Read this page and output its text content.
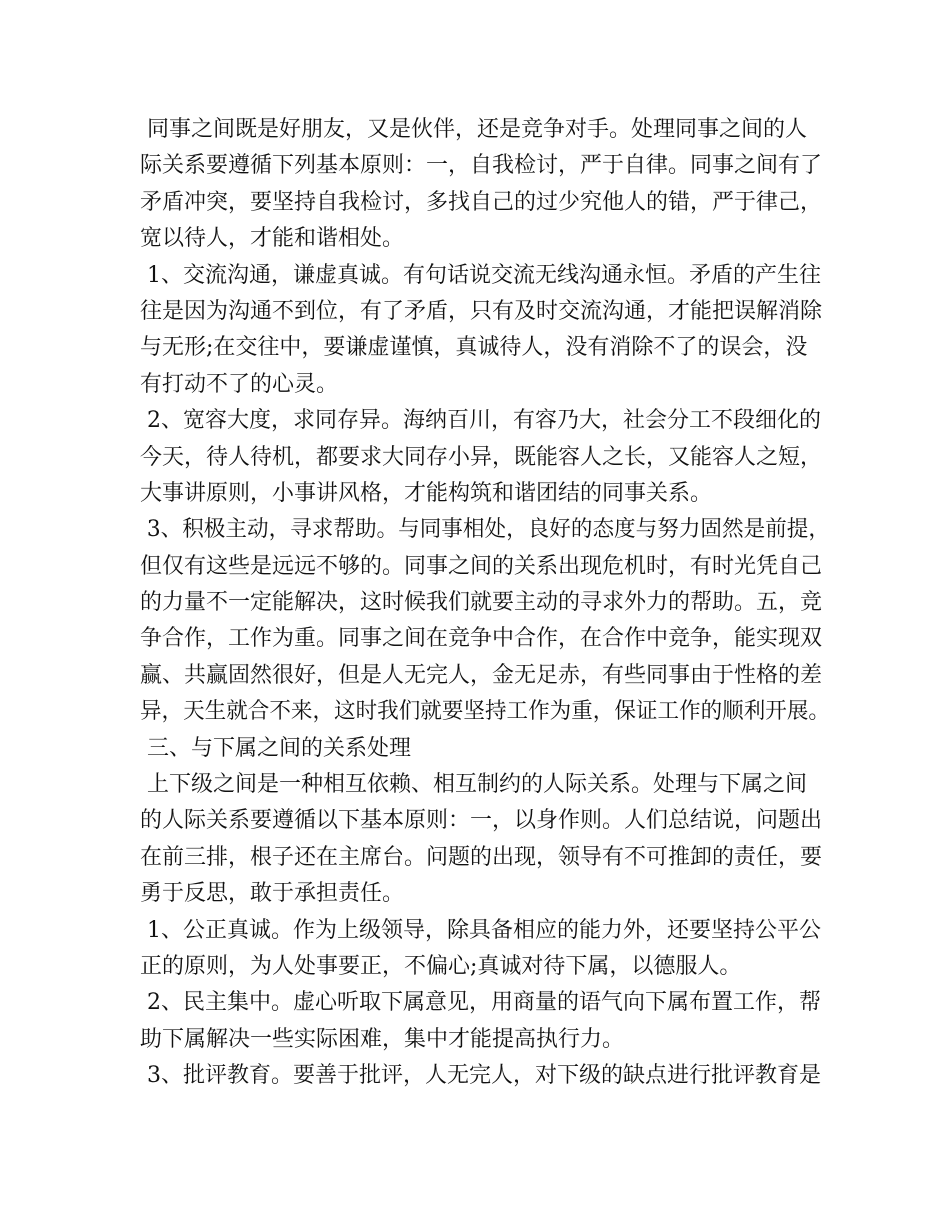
同事之间既是好朋友，又是伙伴，还是竞争对手。处理同事之间的人
际关系要遵循下列基本原则：一，自我检讨，严于自律。同事之间有了
矛盾冲突，要坚持自我检讨，多找自己的过少究他人的错，严于律己，
宽以待人，才能和谐相处。
1、交流沟通，谦虚真诚。有句话说交流无线沟通永恒。矛盾的产生往
往是因为沟通不到位，有了矛盾，只有及时交流沟通，才能把误解消除
与无形;在交往中，要谦虚谨慎，真诚待人，没有消除不了的误会，没
有打动不了的心灵。
2、宽容大度，求同存异。海纳百川，有容乃大，社会分工不段细化的
今天，待人待机，都要求大同存小异，既能容人之长，又能容人之短，
大事讲原则，小事讲风格，才能构筑和谐团结的同事关系。
3、积极主动，寻求帮助。与同事相处，良好的态度与努力固然是前提，
但仅有这些是远远不够的。同事之间的关系出现危机时，有时光凭自己
的力量不一定能解决，这时候我们就要主动的寻求外力的帮助。五，竞
争合作，工作为重。同事之间在竞争中合作，在合作中竞争，能实现双
赢、共赢固然很好，但是人无完人，金无足赤，有些同事由于性格的差
异，天生就合不来，这时我们就要坚持工作为重，保证工作的顺利开展。
三、与下属之间的关系处理
上下级之间是一种相互依赖、相互制约的人际关系。处理与下属之间
的人际关系要遵循以下基本原则：一，以身作则。人们总结说，问题出
在前三排，根子还在主席台。问题的出现，领导有不可推卸的责任，要
勇于反思，敢于承担责任。
1、公正真诚。作为上级领导，除具备相应的能力外，还要坚持公平公
正的原则，为人处事要正，不偏心;真诚对待下属，以德服人。
2、民主集中。虚心听取下属意见，用商量的语气向下属布置工作，帮
助下属解决一些实际困难，集中才能提高执行力。
3、批评教育。要善于批评，人无完人，对下级的缺点进行批评教育是
